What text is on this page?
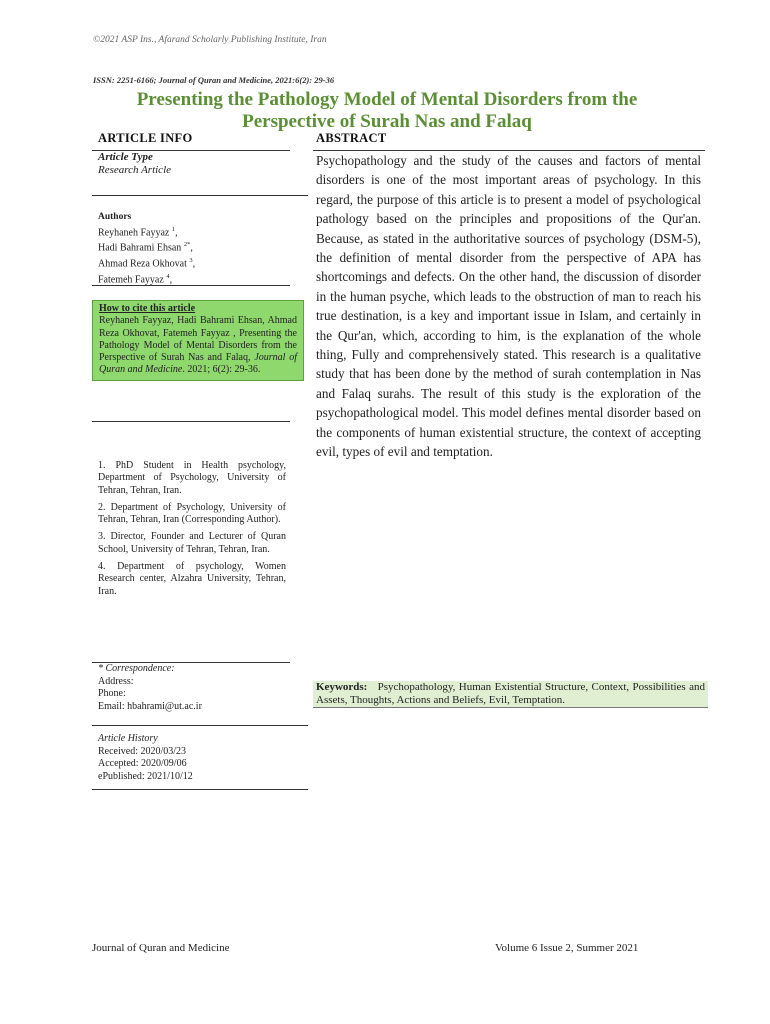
©2021 ASP Ins., Afarand Scholarly Publishing Institute, Iran
ISSN: 2251-6166; Journal of Quran and Medicine, 2021:6(2): 29-36
Presenting the Pathology Model of Mental Disorders from the Perspective of Surah Nas and Falaq
ARTICLE INFO
Article Type
Research Article
Authors
Reyhaneh Fayyaz $^1$,
Hadi Bahrami Ehsan $^{2*}$,
Ahmad Reza Okhovat $^3$,
Fatemeh Fayyaz $^4$,
How to cite this article
Reyhaneh Fayyaz, Hadi Bahrami Ehsan, Ahmad Reza Okhovat, Fatemeh Fayyaz , Presenting the Pathology Model of Mental Disorders from the Perspective of Surah Nas and Falaq, Journal of Quran and Medicine. 2021; 6(2): 29-36.

1. PhD Student in Health psychology, Department of Psychology, University of Tehran, Tehran, Iran.

2. Department of Psychology, University of Tehran, Tehran, Iran (Corresponding Author).

3. Director, Founder and Lecturer of Quran School, University of Tehran, Tehran, Iran.

4. Department of psychology, Women Research center, Alzahra University, Tehran, Iran.

* Correspondence:
Address:
Phone:
Email: hbahrami@ut.ac.ir
Article History
Received: 2020/03/23
Accepted: 2020/09/06
ePublished: 2021/10/12
ABSTRACT
Psychopathology and the study of the causes and factors of mental disorders is one of the most important areas of psychology. In this regard, the purpose of this article is to present a model of psychological pathology based on the principles and propositions of the Qur'an. Because, as stated in the authoritative sources of psychology (DSM-5), the definition of mental disorder from the perspective of APA has shortcomings and defects. On the other hand, the discussion of disorder in the human psyche, which leads to the obstruction of man to reach his true destination, is a key and important issue in Islam, and certainly in the Qur'an, which, according to him, is the explanation of the whole thing, Fully and comprehensively stated. This research is a qualitative study that has been done by the method of surah contemplation in Nas and Falaq surahs. The result of this study is the exploration of the psychopathological model. This model defines mental disorder based on the components of human existential structure, the context of accepting evil, types of evil and temptation.
Keywords: Psychopathology, Human Existential Structure, Context, Possibilities and Assets, Thoughts, Actions and Beliefs, Evil, Temptation.
Journal of Quran and Medicine	Volume 6 Issue 2, Summer 2021
